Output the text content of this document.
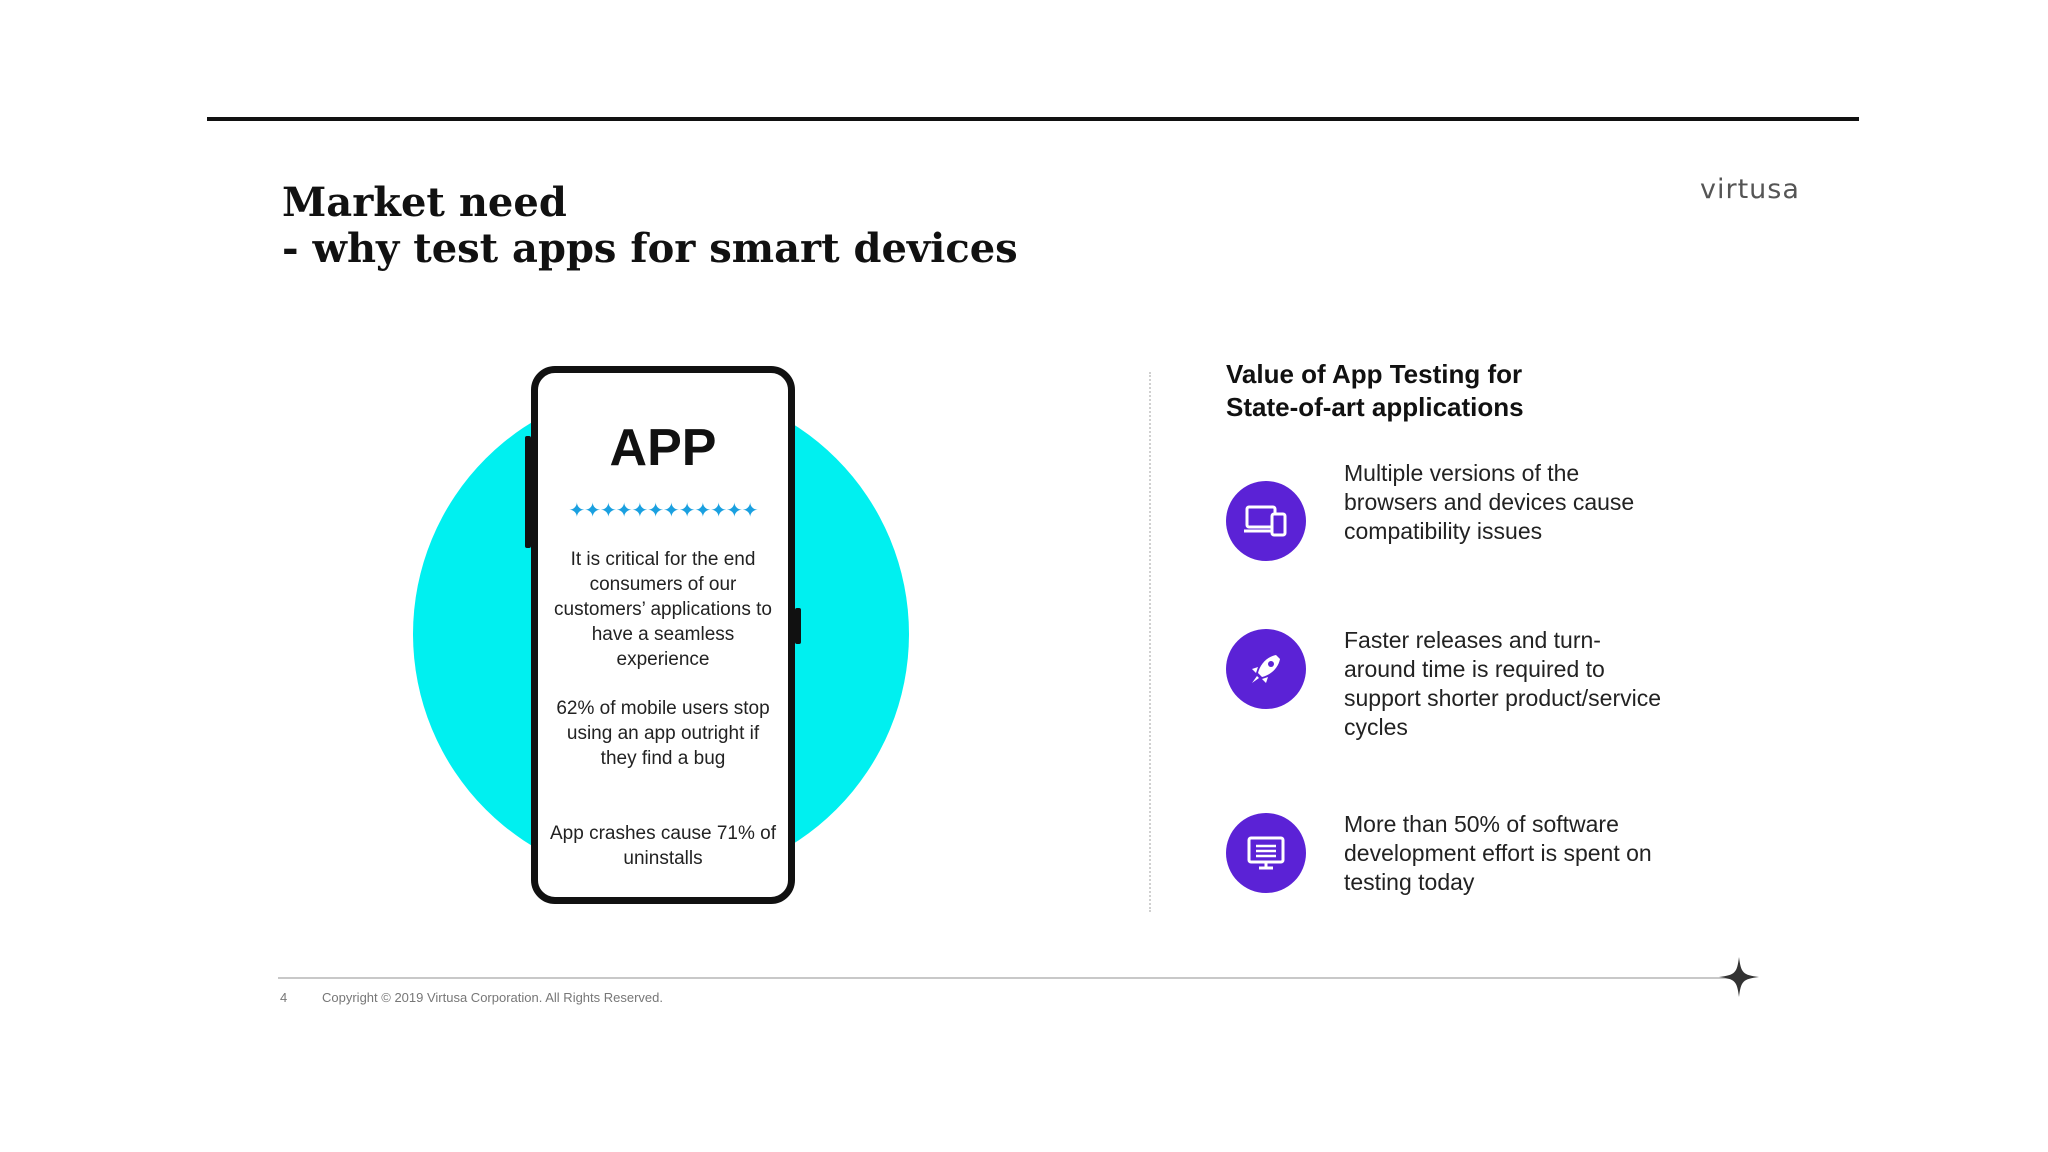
Market need
- why test apps for smart devices
virtusa
APP
✦✦✦✦✦✦✦✦✦✦✦✦
It is critical for the end consumers of our customers’ applications to have a seamless experience
62% of mobile users stop using an app outright if they find a bug
App crashes cause 71% of uninstalls
Value of App Testing for
State-of-art applications
Multiple versions of the browsers and devices cause compatibility issues
Faster releases and turn-around time is required to support shorter product/service cycles
More than 50% of software development effort is spent on testing today
4	Copyright © 2019 Virtusa Corporation. All Rights Reserved.
